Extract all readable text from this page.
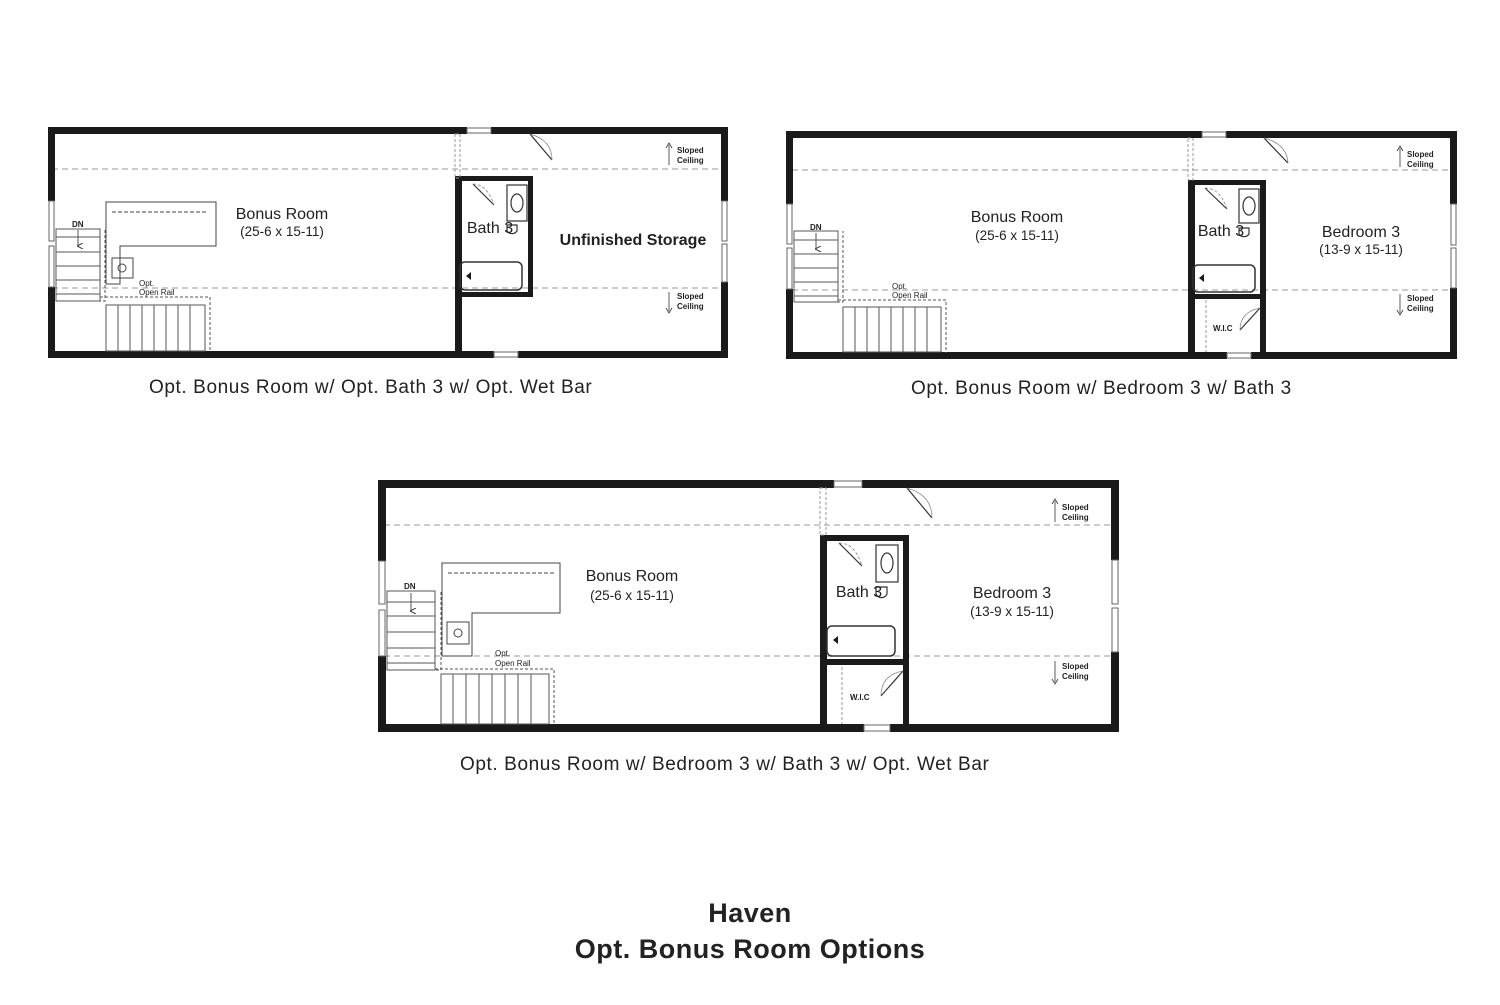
DN
Opt.
Open Rail
Sloped
Ceiling
Sloped
Ceiling
Bonus Room
(25-6 x 15-11)	Bath 3
Unfinished Storage
W.I.C
DN
Opt.
Open Rail
Sloped
Ceiling
Sloped
Ceiling
Bonus Room
(25-6 x 15-11)	Bath 3	Bedroom 3
(13-9 x 15-11)
W.I.C
DN
Opt.
Open Rail
Sloped
Ceiling
Sloped
Ceiling
Bonus Room
(25-6 x 15-11)	Bath 3	Bedroom 3
(13-9 x 15-11)
Opt. Bonus Room w/ Opt. Bath 3 w/ Opt. Wet Bar	Opt. Bonus Room w/ Bedroom 3 w/ Bath 3
Opt. Bonus Room w/ Bedroom 3 w/ Bath 3 w/ Opt. Wet Bar
Haven
Opt. Bonus Room Options
